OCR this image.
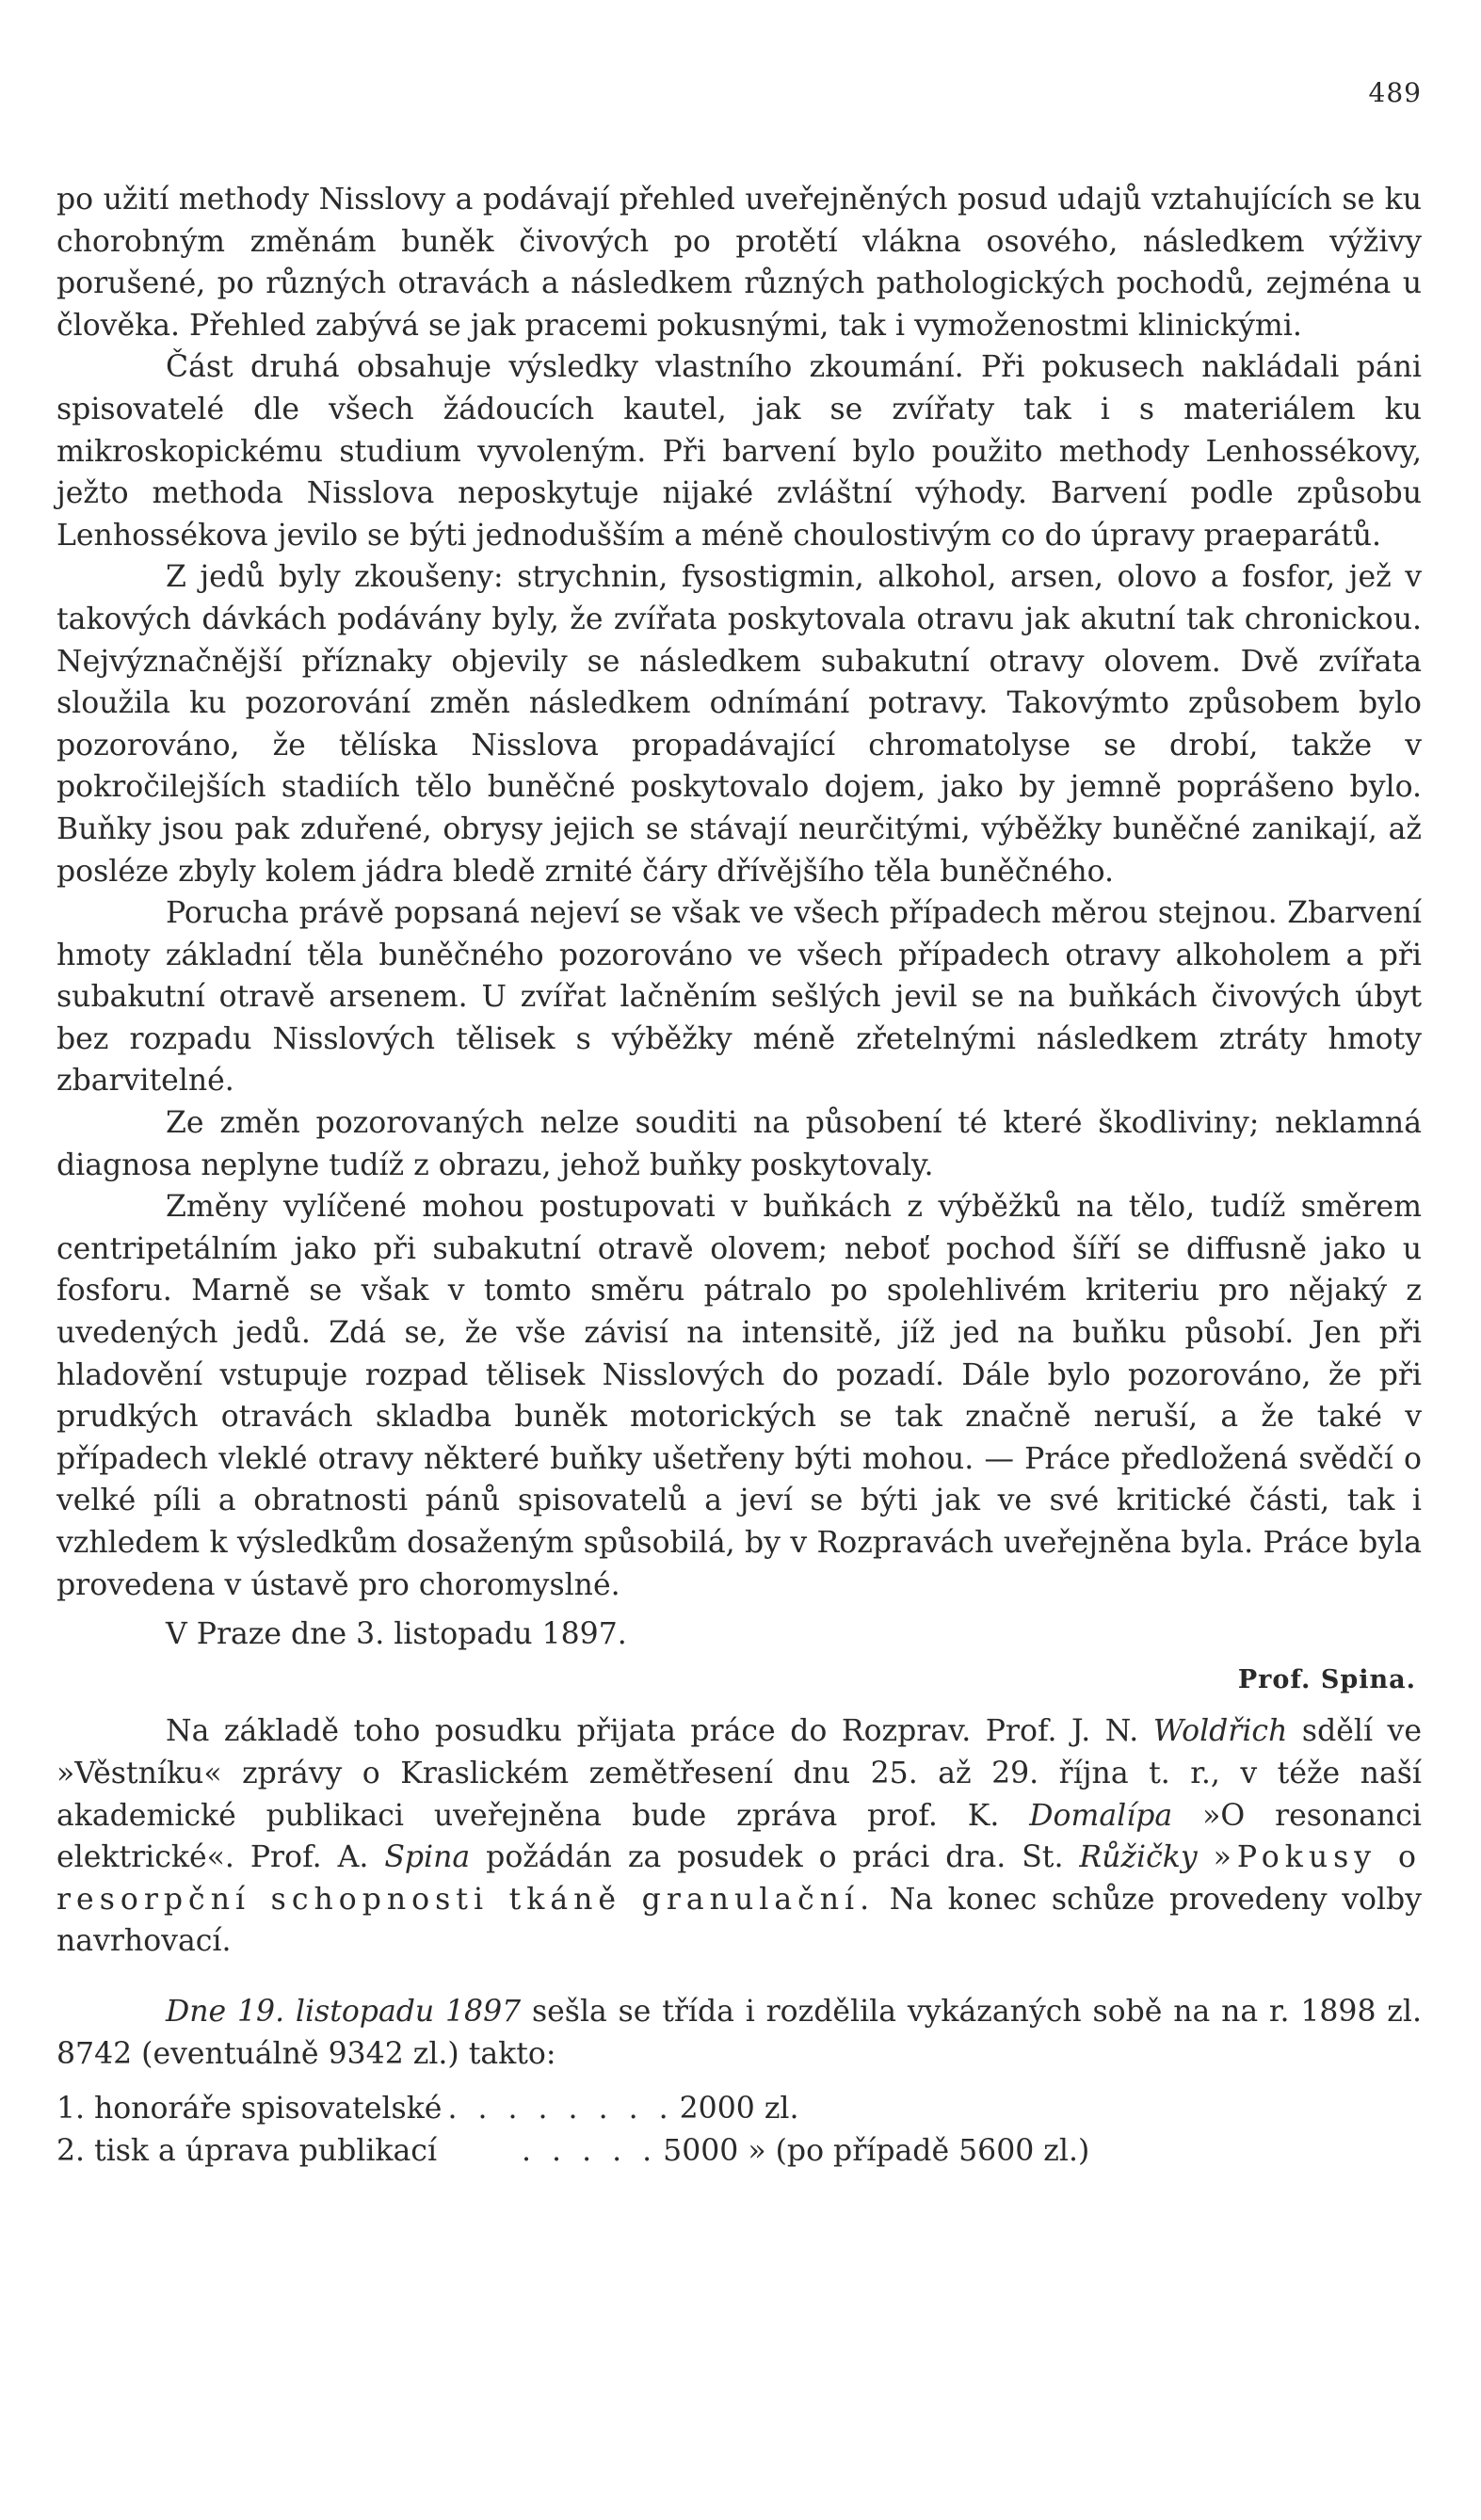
489

po užití methody Nisslovy a podávají přehled uveřejněných posud udajů vztahujících se ku chorobným změnám buněk čivových po protětí vlákna osového, následkem výživy porušené, po různých otravách a následkem různých pathologických pochodů, zejména u člověka. Přehled zabývá se jak pracemi pokusnými, tak i vymoženostmi klinickými.

Část druhá obsahuje výsledky vlastního zkoumání. Při pokusech nakládali páni spisovatelé dle všech žádoucích kautel, jak se zvířaty tak i s materiálem ku mikroskopickému studium vyvoleným. Při barvení bylo použito methody Lenhossékovy, ježto methoda Nisslova neposkytuje nijaké zvláštní výhody. Barvení podle způsobu Lenhossékova jevilo se býti jednodušším a méně choulostivým co do úpravy praeparátů.

Z jedů byly zkoušeny: strychnin, fysostigmin, alkohol, arsen, olovo a fosfor, jež v takových dávkách podávány byly, že zvířata poskytovala otravu jak akutní tak chronickou. Nejvýznačnější příznaky objevily se následkem subakutní otravy olovem. Dvě zvířata sloužila ku pozorování změn následkem odnímání potravy. Takovýmto způsobem bylo pozorováno, že tělíska Nisslova propadávající chromatolyse se drobí, takže v pokročilejších stadiích tělo buněčné poskytovalo dojem, jako by jemně poprášeno bylo. Buňky jsou pak zduřené, obrysy jejich se stávají neurčitými, výběžky buněčné zanikají, až posléze zbyly kolem jádra bledě zrnité čáry dřívějšího těla buněčného.

Porucha právě popsaná nejeví se však ve všech případech měrou stejnou. Zbarvení hmoty základní těla buněčného pozorováno ve všech případech otravy alkoholem a při subakutní otravě arsenem. U zvířat lačněním sešlých jevil se na buňkách čivových úbyt bez rozpadu Nisslových tělisek s výběžky méně zřetelnými následkem ztráty hmoty zbarvitelné.

Ze změn pozorovaných nelze souditi na působení té které škodliviny; neklamná diagnosa neplyne tudíž z obrazu, jehož buňky poskytovaly.

Změny vylíčené mohou postupovati v buňkách z výběžků na tělo, tudíž směrem centripetálním jako při subakutní otravě olovem; neboť pochod šíří se diffusně jako u fosforu. Marně se však v tomto směru pátralo po spolehlivém kriteriu pro nějaký z uvedených jedů. Zdá se, že vše závisí na intensitě, jíž jed na buňku působí. Jen při hladovění vstupuje rozpad tělisek Nisslových do pozadí. Dále bylo pozorováno, že při prudkých otravách skladba buněk motorických se tak značně neruší, a že také v případech vleklé otravy některé buňky ušetřeny býti mohou. — Práce předložená svědčí o velké píli a obratnosti pánů spisovatelů a jeví se býti jak ve své kritické části, tak i vzhledem k výsledkům dosaženým spůsobilá, by v Rozpravách uveřejněna byla. Práce byla provedena v ústavě pro choromyslné.

V Praze dne 3. listopadu 1897.

Prof. Spina.

Na základě toho posudku přijata práce do Rozprav. Prof. J. N. Woldřich sdělí ve »Věstníku« zprávy o Kraslickém zemětřesení dnu 25. až 29. října t. r., v téže naší akademické publikaci uveřejněna bude zpráva prof. K. Domalípa »O resonanci elektrické«. Prof. A. Spina požádán za posudek o práci dra. St. Růžičky »Pokusy o resorpční schopnosti tkáně granulační. Na konec schůze provedeny volby navrhovací.

Dne 19. listopadu 1897 sešla se třída i rozdělila vykázaných sobě na na r. 1898 zl. 8742 (eventuálně 9342 zl.) takto:

1. honoráře spisovatelské . . . . . . . . 2000 zl.
2. tisk a úprava publikací	. . . . . 5000 » (po případě 5600 zl.)
